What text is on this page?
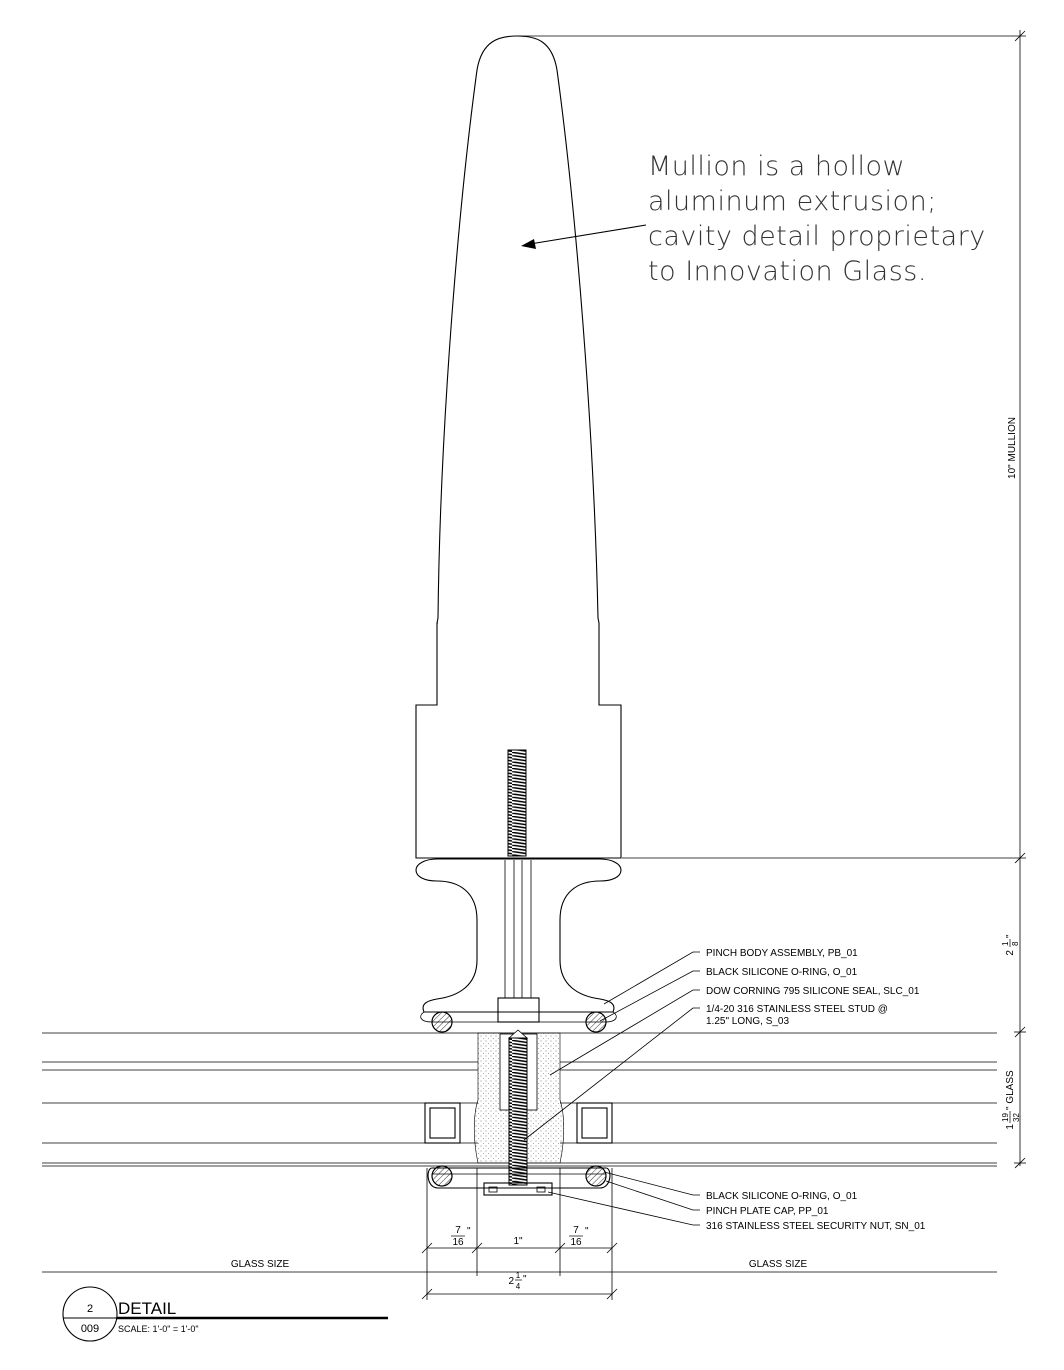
Mullion is a hollow
aluminum extrusion;
cavity detail proprietary
to Innovation Glass.
PINCH BODY ASSEMBLY, PB_01
BLACK SILICONE O-RING, O_01
DOW CORNING 795 SILICONE SEAL, SLC_01
1/4-20 316 STAINLESS STEEL STUD @
1.25" LONG, S_03
BLACK SILICONE O-RING, O_01
PINCH PLATE CAP, PP_01
316 STAINLESS STEEL SECURITY NUT, SN_01
10" MULLION
2
1 8
"
1
19 32
" GLASS
7
16
"
1"
7
16
"
GLASS SIZE	GLASS SIZE
2
1
4
"
2
009
DETAIL
SCALE: 1'-0" = 1'-0"
